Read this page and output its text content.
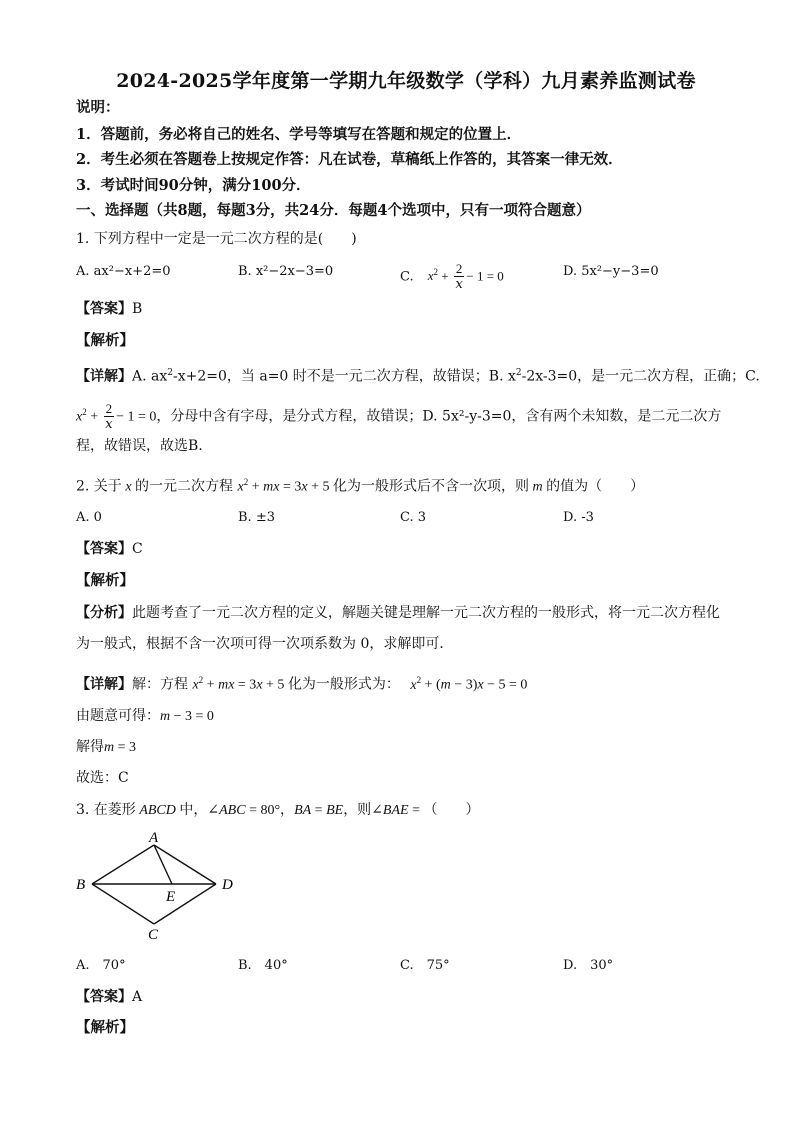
2024-2025学年度第一学期九年级数学（学科）九月素养监测试卷
说明：
1．答题前，务必将自己的姓名、学号等填写在答题和规定的位置上．
2．考生必须在答题卷上按规定作答：凡在试卷，草稿纸上作答的，其答案一律无效．
3．考试时间90分钟，满分100分．
一、选择题（共8题，每题3分，共24分．每题4个选项中，只有一项符合题意）
1. 下列方程中一定是一元二次方程的是(　　)
A. ax²−x+2=0	B. x²−2x−3=0	C. $x^2 + \frac{2}{x} - 1 = 0$	D. 5x²−y−3=0
【答案】B
【解析】
【详解】A. $ax^2-x+2=0$，当 a=0 时不是一元二次方程，故错误；B. $x^2-2x-3=0$，是一元二次方程，正确；C.
$x^2 + \frac{2}{x} - 1 = 0$，分母中含有字母，是分式方程，故错误；D. 5x²-y-3=0，含有两个未知数，是二元二次方
程，故错误，故选B.
2. 关于 x 的一元二次方程 $x^2$ + mx = 3x + 5 化为一般形式后不含一次项，则 m 的值为（　　）
A. 0	B. ±3	C. 3	D. -3
【答案】C
【解析】
【分析】此题考查了一元二次方程的定义，解题关键是理解一元二次方程的一般形式，将一元二次方程化
为一般式，根据不含一次项可得一次项系数为 0，求解即可．
【详解】解：方程 $x^2$ + mx = 3x + 5 化为一般形式为： $x^2 + (m - 3)x - 5 = 0$
由题意可得：m − 3 = 0
解得m = 3
故选：C
3. 在菱形 ABCD 中，∠ABC = 80°，BA = BE，则∠BAE = （　　）
A
B
C
D
E
A.　70°	B.　40°	C.　75°	D.　30°
【答案】A
【解析】
